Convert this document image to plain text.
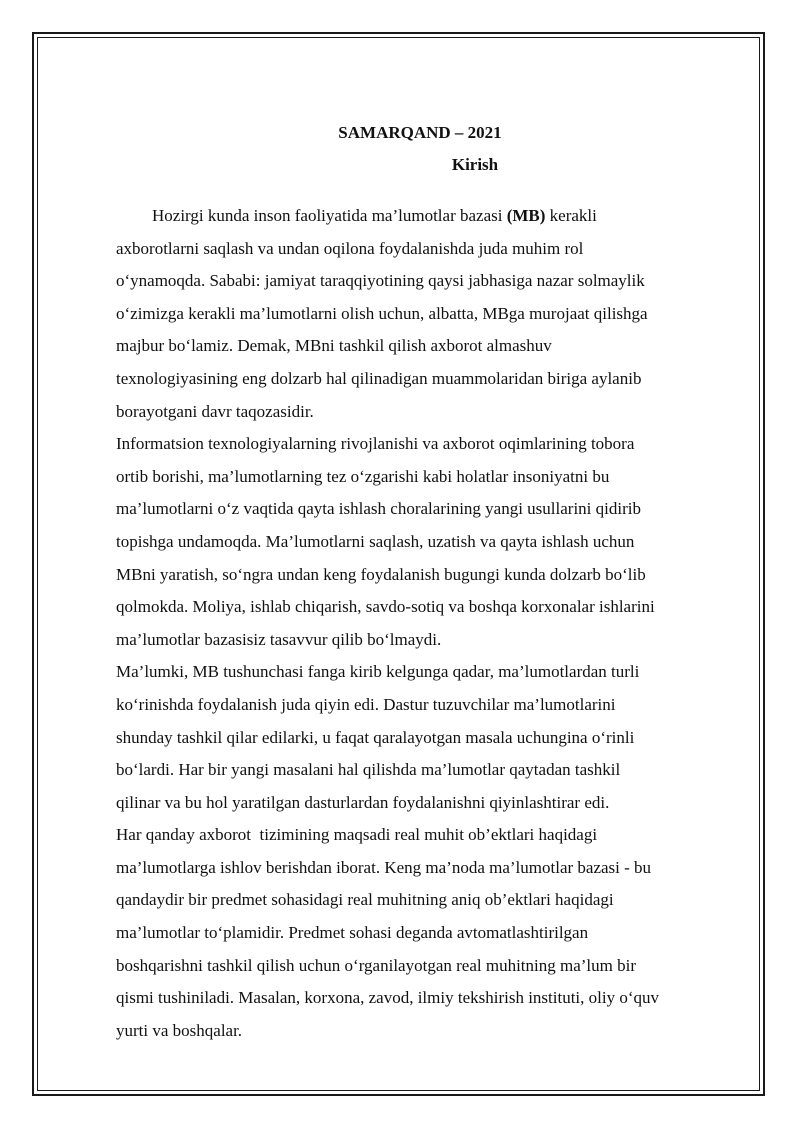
SAMARQAND – 2021
Kirish
Hozirgi kunda inson faoliyatida ma’lumotlar bazasi (MB) kerakli
axborotlarni saqlash va undan oqilona foydalanishda juda muhim rol
o‘ynamoqda. Sababi: jamiyat taraqqiyotining qaysi jabhasiga nazar solmaylik
o‘zimizga kerakli ma’lumotlarni olish uchun, albatta, MBga murojaat qilishga
majbur bo‘lamiz. Demak, MBni tashkil qilish axborot almashuv
texnologiyasining eng dolzarb hal qilinadigan muammolaridan biriga aylanib
borayotgani davr taqozasidir.
Informatsion texnologiyalarning rivojlanishi va axborot oqimlarining tobora
ortib borishi, ma’lumotlarning tez o‘zgarishi kabi holatlar insoniyatni bu
ma’lumotlarni o‘z vaqtida qayta ishlash choralarining yangi usullarini qidirib
topishga undamoqda. Ma’lumotlarni saqlash, uzatish va qayta ishlash uchun
MBni yaratish, so‘ngra undan keng foydalanish bugungi kunda dolzarb bo‘lib
qolmokda. Moliya, ishlab chiqarish, savdo-sotiq va boshqa korxonalar ishlarini
ma’lumotlar bazasisiz tasavvur qilib bo‘lmaydi.
Ma’lumki, MB tushunchasi fanga kirib kelgunga qadar, ma’lumotlardan turli
ko‘rinishda foydalanish juda qiyin edi. Dastur tuzuvchilar ma’lumotlarini
shunday tashkil qilar edilarki, u faqat qaralayotgan masala uchungina o‘rinli
bo‘lardi. Har bir yangi masalani hal qilishda ma’lumotlar qaytadan tashkil
qilinar va bu hol yaratilgan dasturlardan foydalanishni qiyinlashtirar edi.
Har qanday axborot  tizimining maqsadi real muhit ob’ektlari haqidagi
ma’lumotlarga ishlov berishdan iborat. Keng ma’noda ma’lumotlar bazasi - bu
qandaydir bir predmet sohasidagi real muhitning aniq ob’ektlari haqidagi
ma’lumotlar to‘plamidir. Predmet sohasi deganda avtomatlashtirilgan
boshqarishni tashkil qilish uchun o‘rganilayotgan real muhitning ma’lum bir
qismi tushiniladi. Masalan, korxona, zavod, ilmiy tekshirish instituti, oliy o‘quv
yurti va boshqalar.
